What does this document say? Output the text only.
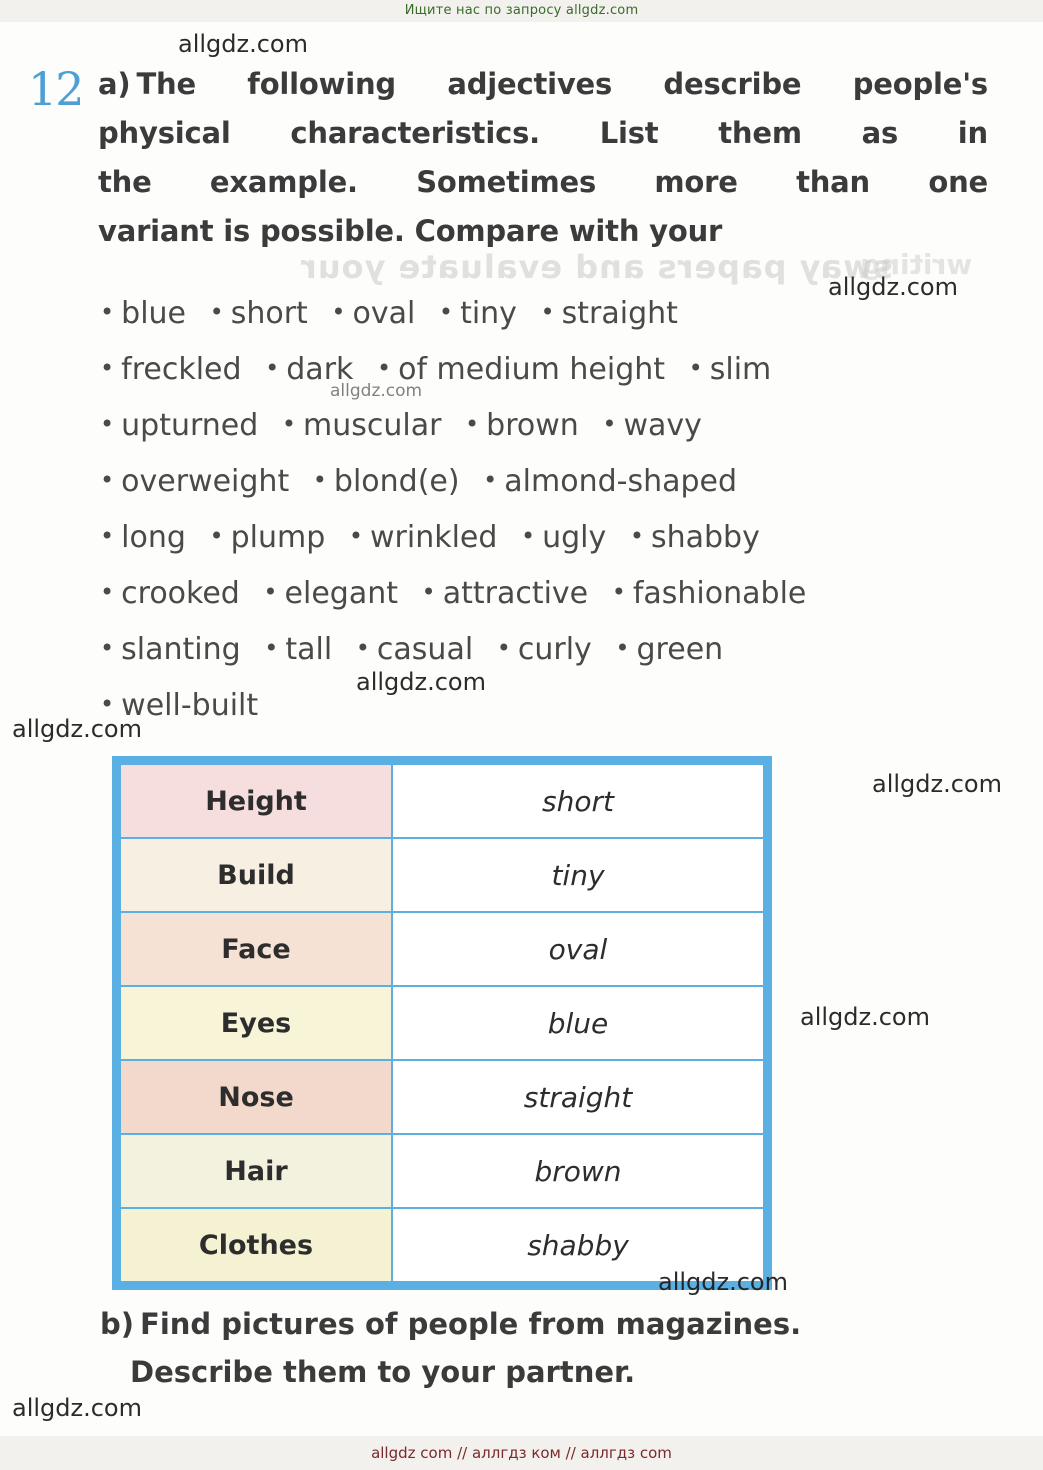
Ищите нас по запросу allgdz.com
sway papers and evaluate your
writing
12 a) The following adjectives describe people's
physical characteristics. List them as in
the example. Sometimes more than one
variant is possible. Compare with your
• blue • short • oval • tiny • straight
• freckled • dark • of medium height • slim
• upturned • muscular • brown • wavy
• overweight • blond(e) • almond-shaped
• long • plump • wrinkled • ugly • shabby
• crooked • elegant • attractive • fashionable
• slanting • tall • casual • curly • green
• well-built
Height	short
Build	tiny
Face	oval
Eyes	blue
Nose	straight
Hair	brown
Clothes	shabby
b) Find pictures of people from magazines.
Describe them to your partner.
allgdz.com
allgdz.com
allgdz.com
allgdz.com
allgdz.com
allgdz.com
allgdz.com
allgdz.com
allgdz.com
allgdz com // аллгдз ком // аллгдз com
